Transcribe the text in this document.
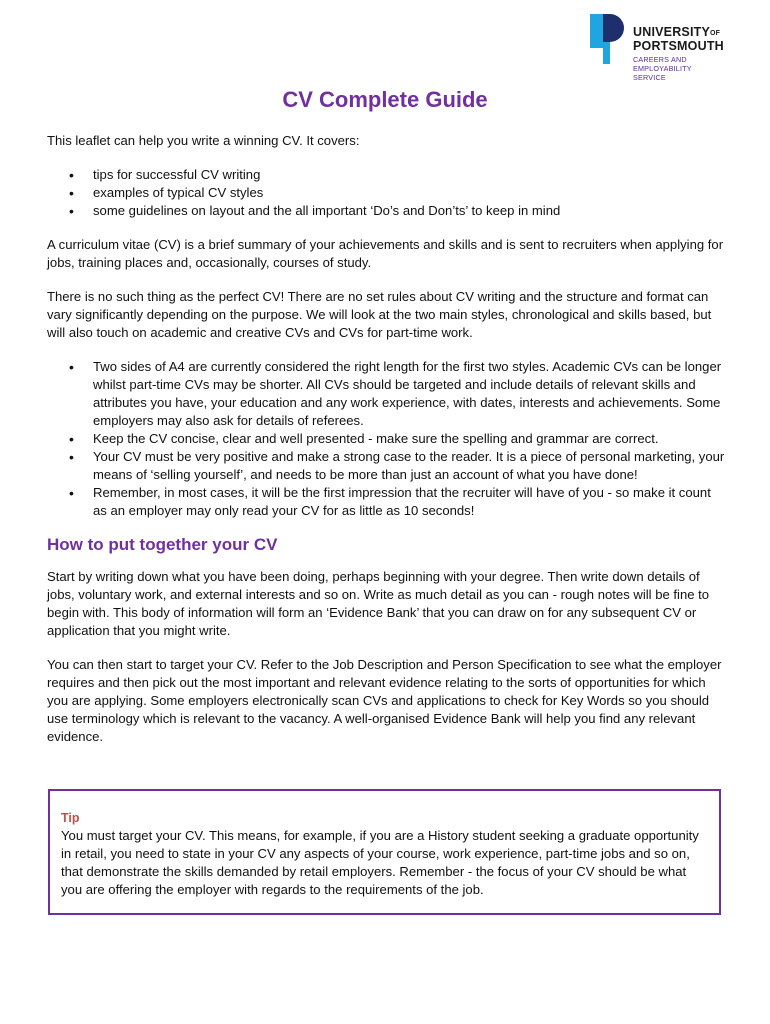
UNIVERSITYOF
PORTSMOUTH
CAREERS AND
EMPLOYABILITY
SERVICE
CV Complete Guide

This leaflet can help you write a winning CV. It covers:

• tips for successful CV writing
• examples of typical CV styles
• some guidelines on layout and the all important ‘Do’s and Don’ts’ to keep in mind

A curriculum vitae (CV) is a brief summary of your achievements and skills and is sent to recruiters when applying for jobs, training places and, occasionally, courses of study.

There is no such thing as the perfect CV! There are no set rules about CV writing and the structure and format can vary significantly depending on the purpose. We will look at the two main styles, chronological and skills based, but will also touch on academic and creative CVs and CVs for part-time work.

• Two sides of A4 are currently considered the right length for the first two styles. Academic CVs can be longer whilst part-time CVs may be shorter. All CVs should be targeted and include details of relevant skills and attributes you have, your education and any work experience, with dates, interests and achievements. Some employers may also ask for details of referees.
• Keep the CV concise, clear and well presented - make sure the spelling and grammar are correct.
• Your CV must be very positive and make a strong case to the reader. It is a piece of personal marketing, your means of ‘selling yourself’, and needs to be more than just an account of what you have done!
• Remember, in most cases, it will be the first impression that the recruiter will have of you - so make it count as an employer may only read your CV for as little as 10 seconds!
How to put together your CV

Start by writing down what you have been doing, perhaps beginning with your degree. Then write down details of jobs, voluntary work, and external interests and so on. Write as much detail as you can - rough notes will be fine to begin with. This body of information will form an ‘Evidence Bank’ that you can draw on for any subsequent CV or application that you might write.

You can then start to target your CV. Refer to the Job Description and Person Specification to see what the employer requires and then pick out the most important and relevant evidence relating to the sorts of opportunities for which you are applying. Some employers electronically scan CVs and applications to check for Key Words so you should use terminology which is relevant to the vacancy. A well-organised Evidence Bank will help you find any relevant evidence.

Tip
You must target your CV. This means, for example, if you are a History student seeking a graduate opportunity in retail, you need to state in your CV any aspects of your course, work experience, part-time jobs and so on, that demonstrate the skills demanded by retail employers. Remember - the focus of your CV should be what you are offering the employer with regards to the requirements of the job.
